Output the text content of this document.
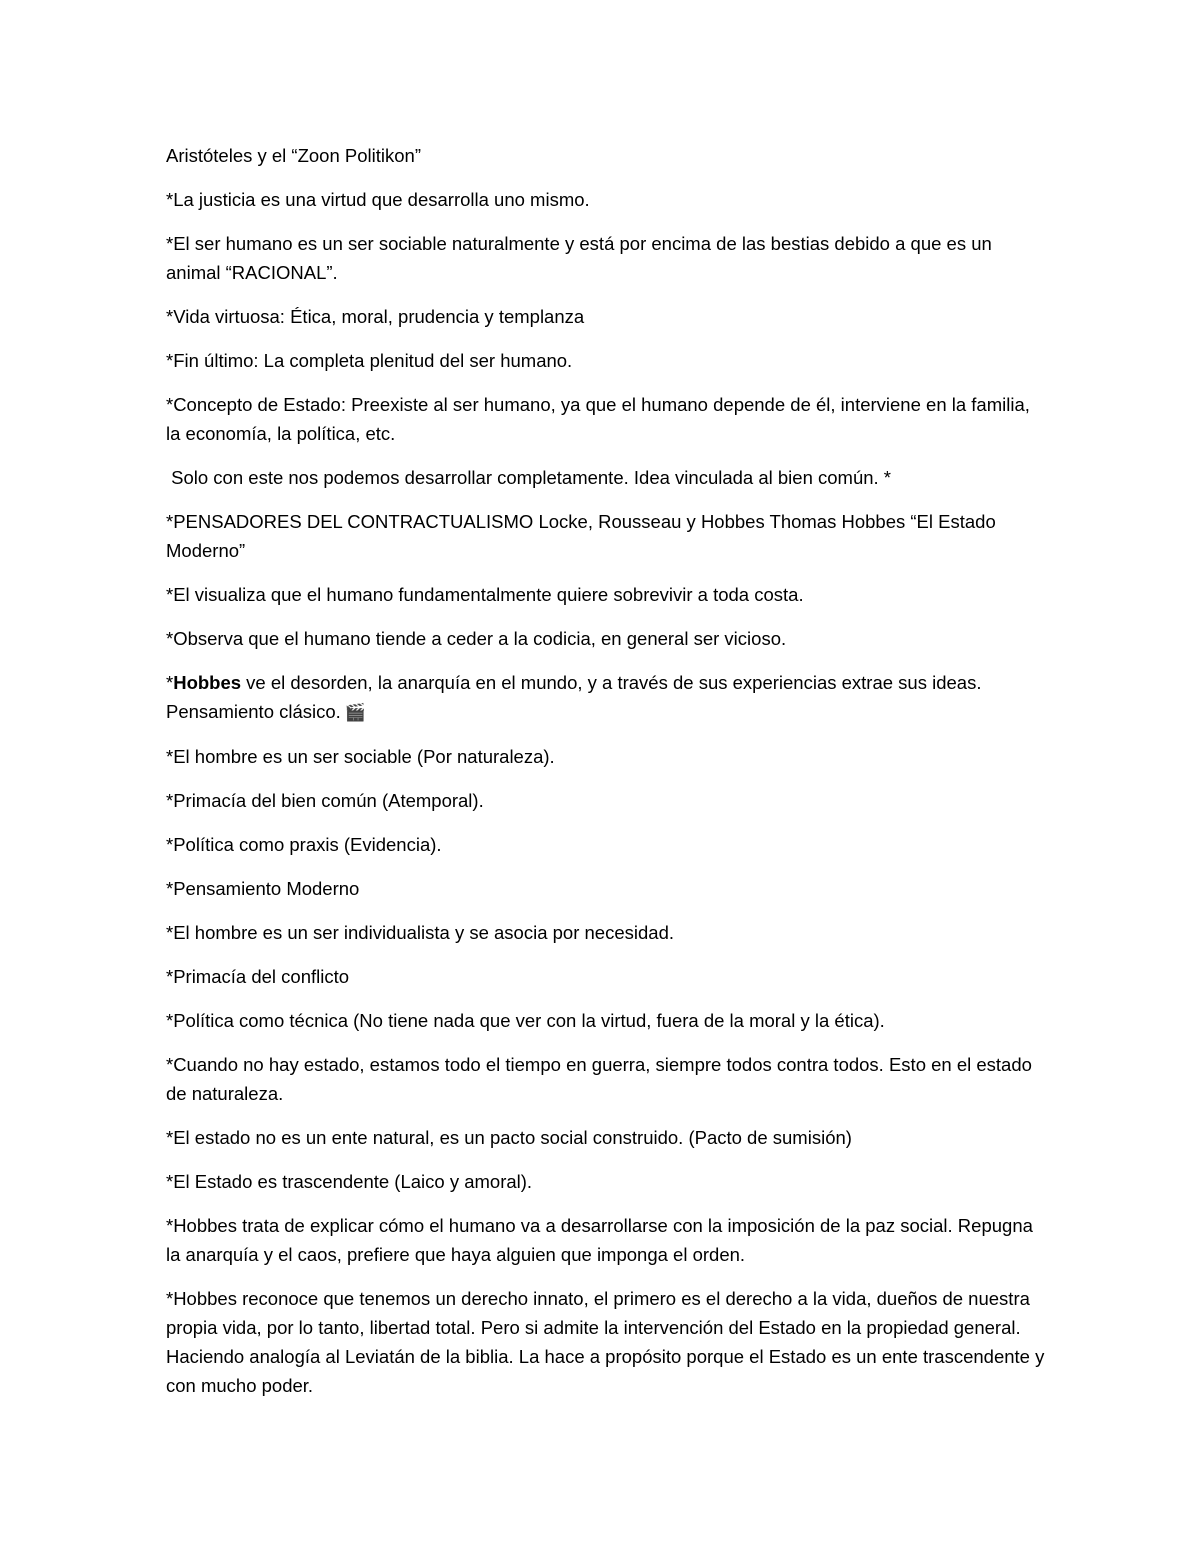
Aristóteles y el “Zoon Politikon”

*La justicia es una virtud que desarrolla uno mismo.

*El ser humano es un ser sociable naturalmente y está por encima de las bestias debido a que es un animal “RACIONAL”.

*Vida virtuosa: Ética, moral, prudencia y templanza

*Fin último: La completa plenitud del ser humano.

*Concepto de Estado: Preexiste al ser humano, ya que el humano depende de él, interviene en la familia, la economía, la política, etc.

Solo con este nos podemos desarrollar completamente. Idea vinculada al bien común. *

*PENSADORES DEL CONTRACTUALISMO Locke, Rousseau y Hobbes Thomas Hobbes “El Estado Moderno”

*El visualiza que el humano fundamentalmente quiere sobrevivir a toda costa.

*Observa que el humano tiende a ceder a la codicia, en general ser vicioso.

*Hobbes ve el desorden, la anarquía en el mundo, y a través de sus experiencias extrae sus ideas. Pensamiento clásico. 🎬

*El hombre es un ser sociable (Por naturaleza).

*Primacía del bien común (Atemporal).

*Política como praxis (Evidencia).

*Pensamiento Moderno

*El hombre es un ser individualista y se asocia por necesidad.

*Primacía del conflicto

*Política como técnica (No tiene nada que ver con la virtud, fuera de la moral y la ética).

*Cuando no hay estado, estamos todo el tiempo en guerra, siempre todos contra todos. Esto en el estado de naturaleza.

*El estado no es un ente natural, es un pacto social construido. (Pacto de sumisión)

*El Estado es trascendente (Laico y amoral).

*Hobbes trata de explicar cómo el humano va a desarrollarse con la imposición de la paz social. Repugna la anarquía y el caos, prefiere que haya alguien que imponga el orden.

*Hobbes reconoce que tenemos un derecho innato, el primero es el derecho a la vida, dueños de nuestra propia vida, por lo tanto, libertad total. Pero si admite la intervención del Estado en la propiedad general. Haciendo analogía al Leviatán de la biblia. La hace a propósito porque el Estado es un ente trascendente y con mucho poder.
